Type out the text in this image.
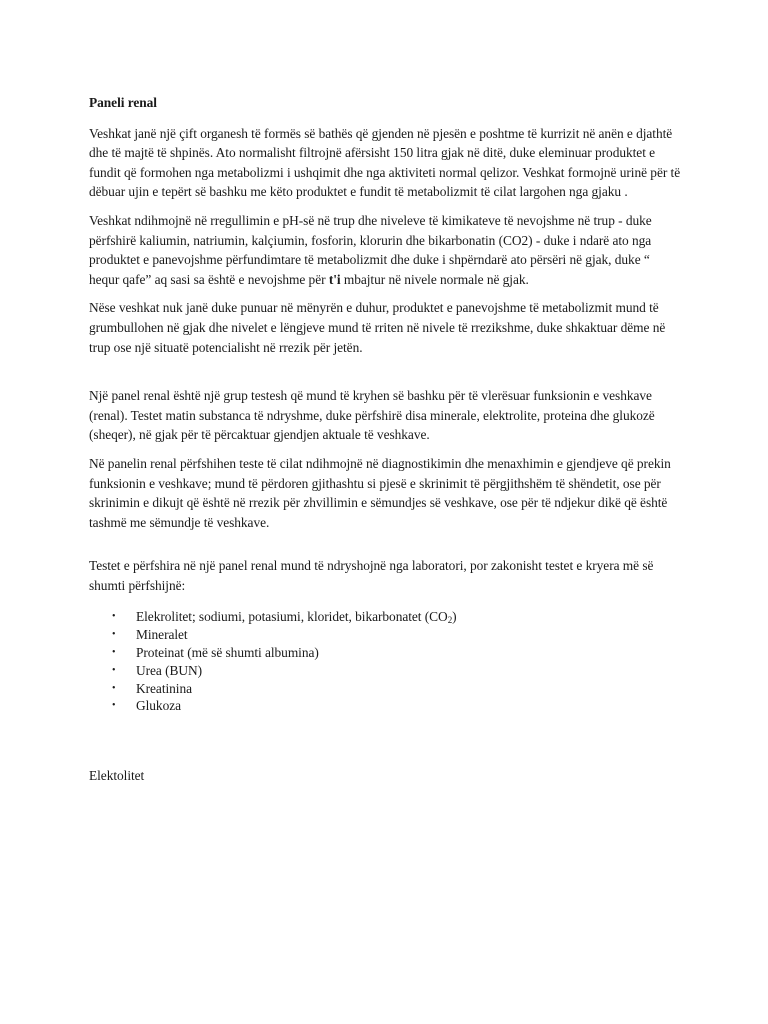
Paneli renal

Veshkat janë një çift organesh të formës së bathës që gjenden në pjesën e poshtme të kurrizit në anën e djathtë dhe të majtë të shpinës. Ato normalisht filtrojnë afërsisht 150 litra gjak në ditë, duke eleminuar produktet e fundit që formohen nga metabolizmi i ushqimit dhe nga aktiviteti normal qelizor. Veshkat formojnë urinë për të dëbuar ujin e tepërt së bashku me këto produktet e fundit të metabolizmit të cilat largohen nga gjaku .

Veshkat ndihmojnë në rregullimin e pH-së në trup dhe niveleve të kimikateve të nevojshme në trup - duke përfshirë kaliumin, natriumin, kalçiumin, fosforin, klorurin dhe bikarbonatin (CO2) - duke i ndarë ato nga produktet e panevojshme përfundimtare të metabolizmit dhe duke i shpërndarë ato përsëri në gjak, duke “ hequr qafe” aq sasi sa është e nevojshme për t'i mbajtur në nivele normale në gjak.

Nëse veshkat nuk janë duke punuar në mënyrën e duhur, produktet e panevojshme të metabolizmit mund të grumbullohen në gjak dhe nivelet e lëngjeve mund të rriten në nivele të rrezikshme, duke shkaktuar dëme në trup ose një situatë potencialisht në rrezik për jetën.

Një panel renal është një grup testesh që mund të kryhen së bashku për të vlerësuar funksionin e veshkave (renal). Testet matin substanca të ndryshme, duke përfshirë disa minerale, elektrolite, proteina dhe glukozë (sheqer), në gjak për të përcaktuar gjendjen aktuale të veshkave.

Në panelin renal përfshihen teste të cilat ndihmojnë në diagnostikimin dhe menaxhimin e gjendjeve që prekin funksionin e veshkave; mund të përdoren gjithashtu si pjesë e skrinimit të përgjithshëm të shëndetit, ose për skrinimin e dikujt që është në rrezik për zhvillimin e sëmundjes së veshkave, ose për të ndjekur dikë që është tashmë me sëmundje të veshkave.

Testet e përfshira në një panel renal mund të ndryshojnë nga laboratori, por zakonisht testet e kryera më së shumti përfshijnë:

• Elekrolitet; sodiumi, potasiumi, kloridet, bikarbonatet $(CO_2)$
• Mineralet
• Proteinat (më së shumti albumina)
• Urea (BUN)
• Kreatinina
• Glukoza

Elektolitet
